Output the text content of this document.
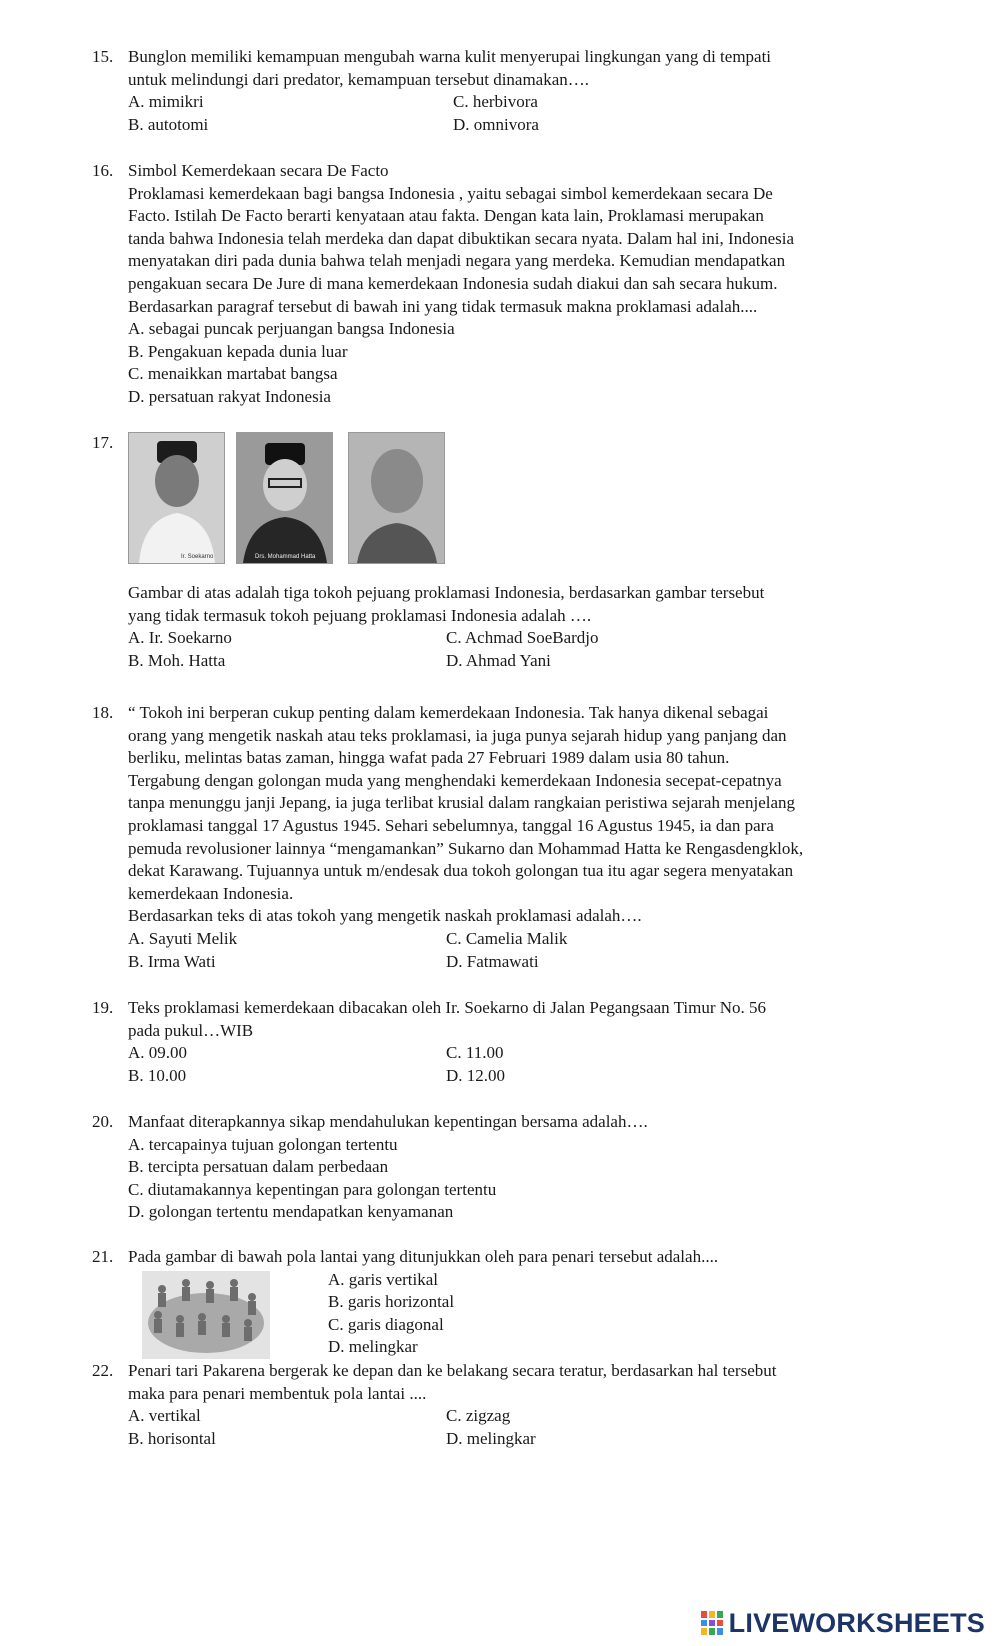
15. Bunglon memiliki kemampuan mengubah warna kulit menyerupai lingkungan yang di tempati
untuk melindungi dari predator, kemampuan tersebut dinamakan….
A. mimikri	C. herbivora
B. autotomi	D. omnivora
16. Simbol Kemerdekaan secara De Facto
Proklamasi kemerdekaan bagi bangsa Indonesia , yaitu sebagai simbol kemerdekaan secara De
Facto. Istilah De Facto berarti kenyataan atau fakta. Dengan kata lain, Proklamasi merupakan
tanda bahwa Indonesia telah merdeka dan dapat dibuktikan secara nyata. Dalam hal ini, Indonesia
menyatakan diri pada dunia bahwa telah menjadi negara yang merdeka. Kemudian mendapatkan
pengakuan secara De Jure di mana kemerdekaan Indonesia sudah diakui dan sah secara hukum.
Berdasarkan paragraf tersebut di bawah ini yang tidak termasuk makna proklamasi adalah....
A. sebagai puncak perjuangan bangsa Indonesia
B. Pengakuan kepada dunia luar
C. menaikkan martabat bangsa
D. persatuan rakyat Indonesia
17.
Ir. Soekarno	Drs. Mohammad Hatta
Gambar di atas adalah tiga tokoh pejuang proklamasi Indonesia, berdasarkan gambar tersebut
yang tidak termasuk tokoh pejuang proklamasi Indonesia adalah ….
A. Ir. Soekarno	C. Achmad SoeBardjo
B. Moh. Hatta	D. Ahmad Yani
18. “ Tokoh ini berperan cukup penting dalam kemerdekaan Indonesia. Tak hanya dikenal sebagai
orang yang mengetik naskah atau teks proklamasi, ia juga punya sejarah hidup yang panjang dan
berliku, melintas batas zaman, hingga wafat pada 27 Februari 1989 dalam usia 80 tahun.
Tergabung dengan golongan muda yang menghendaki kemerdekaan Indonesia secepat-cepatnya
tanpa menunggu janji Jepang, ia juga terlibat krusial dalam rangkaian peristiwa sejarah menjelang
proklamasi tanggal 17 Agustus 1945. Sehari sebelumnya, tanggal 16 Agustus 1945, ia dan para
pemuda revolusioner lainnya “mengamankan” Sukarno dan Mohammad Hatta ke Rengasdengklok,
dekat Karawang. Tujuannya untuk m/endesak dua tokoh golongan tua itu agar segera menyatakan
kemerdekaan Indonesia.
Berdasarkan teks di atas tokoh yang mengetik naskah proklamasi adalah….
A. Sayuti Melik	C. Camelia Malik
B. Irma Wati	D. Fatmawati
19. Teks proklamasi kemerdekaan dibacakan oleh Ir. Soekarno di Jalan Pegangsaan Timur No. 56
pada pukul…WIB
A. 09.00	C. 11.00
B. 10.00	D. 12.00
20. Manfaat diterapkannya sikap mendahulukan kepentingan bersama adalah….
A. tercapainya tujuan golongan tertentu
B. tercipta persatuan dalam perbedaan
C. diutamakannya kepentingan para golongan tertentu
D. golongan tertentu mendapatkan kenyamanan
21. Pada gambar di bawah pola lantai yang ditunjukkan oleh para penari tersebut adalah....
A. garis vertikal
B. garis horizontal
C. garis diagonal
D. melingkar
22. Penari tari Pakarena bergerak ke depan dan ke belakang secara teratur, berdasarkan hal tersebut
maka para penari membentuk pola lantai ....
A. vertikal	C. zigzag
B. horisontal	D. melingkar
LIVEWORKSHEETS
